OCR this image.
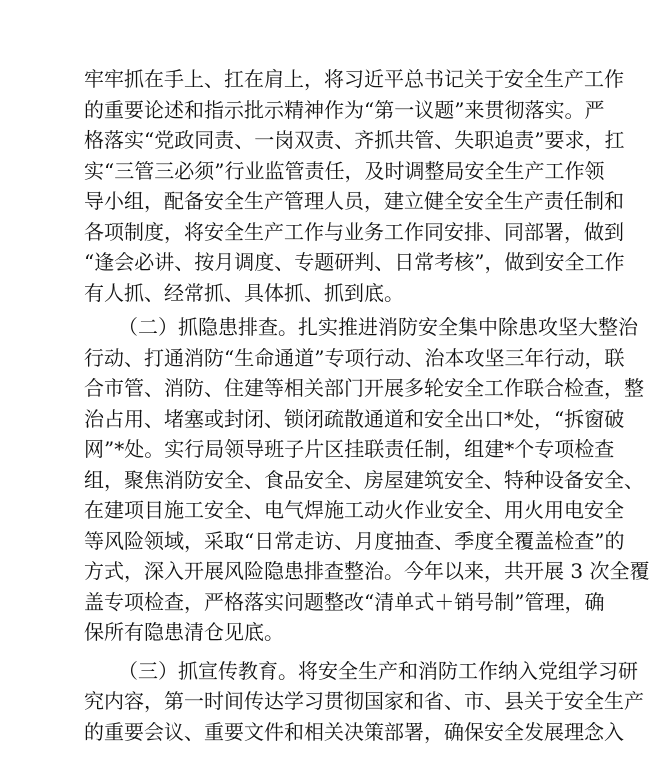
牢牢抓在手上、扛在肩上，将习近平总书记关于安全生产工作
的重要论述和指示批示精神作为“第一议题”来贯彻落实。严
格落实“党政同责、一岗双责、齐抓共管、失职追责”要求，扛
实“三管三必须”行业监管责任，及时调整局安全生产工作领
导小组，配备安全生产管理人员，建立健全安全生产责任制和
各项制度，将安全生产工作与业务工作同安排、同部署，做到
“逢会必讲、按月调度、专题研判、日常考核”，做到安全工作
有人抓、经常抓、具体抓、抓到底。
（二）抓隐患排查。扎实推进消防安全集中除患攻坚大整治
行动、打通消防“生命通道”专项行动、治本攻坚三年行动，联
合市管、消防、住建等相关部门开展多轮安全工作联合检查，整
治占用、堵塞或封闭、锁闭疏散通道和安全出口*处，“拆窗破
网”*处。实行局领导班子片区挂联责任制，组建*个专项检查
组，聚焦消防安全、食品安全、房屋建筑安全、特种设备安全、
在建项目施工安全、电气焊施工动火作业安全、用火用电安全
等风险领域，采取“日常走访、月度抽查、季度全覆盖检查”的
方式，深入开展风险隐患排查整治。今年以来，共开展 3 次全覆
盖专项检查，严格落实问题整改“清单式＋销号制”管理，确
保所有隐患清仓见底。
（三）抓宣传教育。将安全生产和消防工作纳入党组学习研
究内容，第一时间传达学习贯彻国家和省、市、县关于安全生产
的重要会议、重要文件和相关决策部署，确保安全发展理念入
